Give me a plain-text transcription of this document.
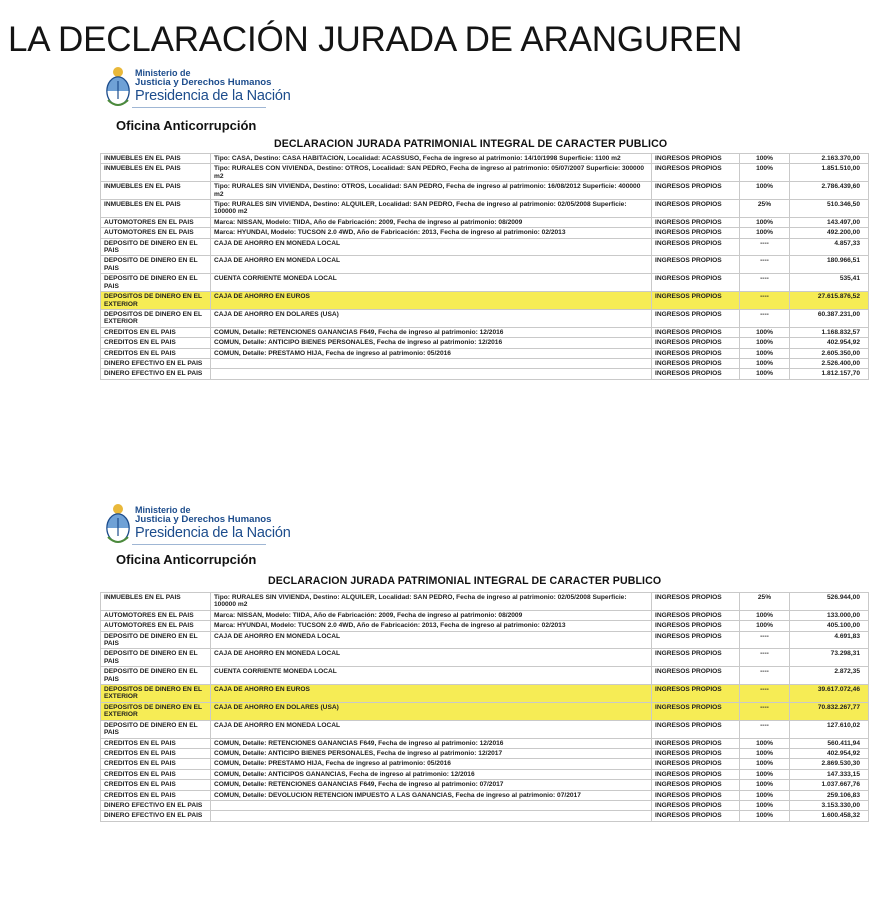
LA DECLARACIÓN JURADA DE ARANGUREN
Ministerio de
Justicia y Derechos Humanos
Presidencia de la Nación
Oficina Anticorrupción
DECLARACION JURADA PATRIMONIAL INTEGRAL DE CARACTER PUBLICO
INMUEBLES EN EL PAIS	Tipo: CASA, Destino: CASA HABITACION, Localidad: ACASSUSO, Fecha de ingreso al patrimonio: 14/10/1998 Superficie: 1100 m2	INGRESOS PROPIOS	100%	2.163.370,00
INMUEBLES EN EL PAIS	Tipo: RURALES CON VIVIENDA, Destino: OTROS, Localidad: SAN PEDRO, Fecha de ingreso al patrimonio: 05/07/2007 Superficie: 300000 m2	INGRESOS PROPIOS	100%	1.851.510,00
INMUEBLES EN EL PAIS	Tipo: RURALES SIN VIVIENDA, Destino: OTROS, Localidad: SAN PEDRO, Fecha de ingreso al patrimonio: 16/08/2012 Superficie: 400000 m2	INGRESOS PROPIOS	100%	2.786.439,60
INMUEBLES EN EL PAIS	Tipo: RURALES SIN VIVIENDA, Destino: ALQUILER, Localidad: SAN PEDRO, Fecha de ingreso al patrimonio: 02/05/2008 Superficie: 100000 m2	INGRESOS PROPIOS	25%	510.346,50
AUTOMOTORES EN EL PAIS	Marca: NISSAN, Modelo: TIIDA, Año de Fabricación: 2009, Fecha de ingreso al patrimonio: 08/2009	INGRESOS PROPIOS	100%	143.497,00
AUTOMOTORES EN EL PAIS	Marca: HYUNDAI, Modelo: TUCSON 2.0 4WD, Año de Fabricación: 2013, Fecha de ingreso al patrimonio: 02/2013	INGRESOS PROPIOS	100%	492.200,00
DEPOSITO DE DINERO EN EL PAIS	CAJA DE AHORRO EN MONEDA LOCAL	INGRESOS PROPIOS	----	4.857,33
DEPOSITO DE DINERO EN EL PAIS	CAJA DE AHORRO EN MONEDA LOCAL	INGRESOS PROPIOS	----	180.966,51
DEPOSITO DE DINERO EN EL PAIS	CUENTA CORRIENTE MONEDA LOCAL	INGRESOS PROPIOS	----	535,41
DEPOSITOS DE DINERO EN EL EXTERIOR	CAJA DE AHORRO EN EUROS	INGRESOS PROPIOS	----	27.615.876,52
DEPOSITOS DE DINERO EN EL EXTERIOR	CAJA DE AHORRO EN DOLARES (USA)	INGRESOS PROPIOS	----	60.387.231,00
CREDITOS EN EL PAIS	COMUN, Detalle: RETENCIONES GANANCIAS F649, Fecha de ingreso al patrimonio: 12/2016	INGRESOS PROPIOS	100%	1.168.832,57
CREDITOS EN EL PAIS	COMUN, Detalle: ANTICIPO BIENES PERSONALES, Fecha de ingreso al patrimonio: 12/2016	INGRESOS PROPIOS	100%	402.954,92
CREDITOS EN EL PAIS	COMUN, Detalle: PRESTAMO HIJA, Fecha de ingreso al patrimonio: 05/2016	INGRESOS PROPIOS	100%	2.605.350,00
DINERO EFECTIVO EN EL PAIS		INGRESOS PROPIOS	100%	2.526.400,00
DINERO EFECTIVO EN EL PAIS		INGRESOS PROPIOS	100%	1.812.157,70
Ministerio de
Justicia y Derechos Humanos
Presidencia de la Nación
Oficina Anticorrupción
DECLARACION JURADA PATRIMONIAL INTEGRAL DE CARACTER PUBLICO
INMUEBLES EN EL PAIS	Tipo: RURALES SIN VIVIENDA, Destino: ALQUILER, Localidad: SAN PEDRO, Fecha de ingreso al patrimonio: 02/05/2008 Superficie: 100000 m2	INGRESOS PROPIOS	25%	526.944,00
AUTOMOTORES EN EL PAIS	Marca: NISSAN, Modelo: TIIDA, Año de Fabricación: 2009, Fecha de ingreso al patrimonio: 08/2009	INGRESOS PROPIOS	100%	133.000,00
AUTOMOTORES EN EL PAIS	Marca: HYUNDAI, Modelo: TUCSON 2.0 4WD, Año de Fabricación: 2013, Fecha de ingreso al patrimonio: 02/2013	INGRESOS PROPIOS	100%	405.100,00
DEPOSITO DE DINERO EN EL PAIS	CAJA DE AHORRO EN MONEDA LOCAL	INGRESOS PROPIOS	----	4.691,83
DEPOSITO DE DINERO EN EL PAIS	CAJA DE AHORRO EN MONEDA LOCAL	INGRESOS PROPIOS	----	73.298,31
DEPOSITO DE DINERO EN EL PAIS	CUENTA CORRIENTE MONEDA LOCAL	INGRESOS PROPIOS	----	2.872,35
DEPOSITOS DE DINERO EN EL EXTERIOR	CAJA DE AHORRO EN EUROS	INGRESOS PROPIOS	----	39.617.072,46
DEPOSITOS DE DINERO EN EL EXTERIOR	CAJA DE AHORRO EN DOLARES (USA)	INGRESOS PROPIOS	----	70.832.267,77
DEPOSITO DE DINERO EN EL PAIS	CAJA DE AHORRO EN MONEDA LOCAL	INGRESOS PROPIOS	----	127.610,02
CREDITOS EN EL PAIS	COMUN, Detalle: RETENCIONES GANANCIAS F649, Fecha de ingreso al patrimonio: 12/2016	INGRESOS PROPIOS	100%	560.411,94
CREDITOS EN EL PAIS	COMUN, Detalle: ANTICIPO BIENES PERSONALES, Fecha de ingreso al patrimonio: 12/2017	INGRESOS PROPIOS	100%	402.954,92
CREDITOS EN EL PAIS	COMUN, Detalle: PRESTAMO HIJA, Fecha de ingreso al patrimonio: 05/2016	INGRESOS PROPIOS	100%	2.869.530,30
CREDITOS EN EL PAIS	COMUN, Detalle: ANTICIPOS GANANCIAS, Fecha de ingreso al patrimonio: 12/2016	INGRESOS PROPIOS	100%	147.333,15
CREDITOS EN EL PAIS	COMUN, Detalle: RETENCIONES GANANCIAS F649, Fecha de ingreso al patrimonio: 07/2017	INGRESOS PROPIOS	100%	1.037.667,76
CREDITOS EN EL PAIS	COMUN, Detalle: DEVOLUCION RETENCION IMPUESTO A LAS GANANCIAS, Fecha de ingreso al patrimonio: 07/2017	INGRESOS PROPIOS	100%	259.106,83
DINERO EFECTIVO EN EL PAIS		INGRESOS PROPIOS	100%	3.153.330,00
DINERO EFECTIVO EN EL PAIS		INGRESOS PROPIOS	100%	1.600.458,32
